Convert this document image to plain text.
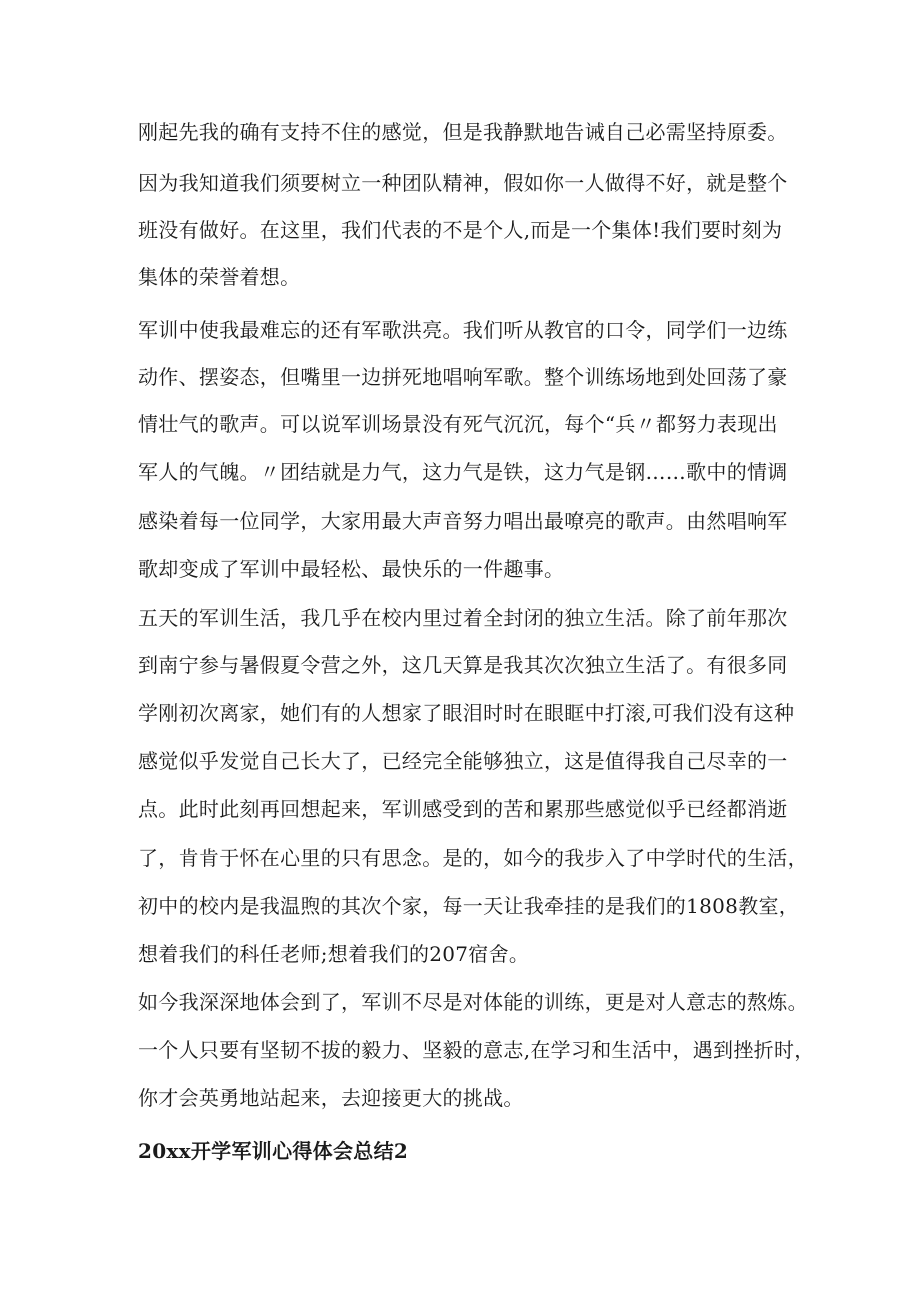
刚起先我的确有支持不住的感觉，但是我静默地告诫自己必需坚持原委。
因为我知道我们须要树立一种团队精神，假如你一人做得不好，就是整个
班没有做好。在这里，我们代表的不是个人,而是一个集体!我们要时刻为
集体的荣誉着想。
军训中使我最难忘的还有军歌洪亮。我们听从教官的口令，同学们一边练
动作、摆姿态，但嘴里一边拼死地唱响军歌。整个训练场地到处回荡了豪
情壮气的歌声。可以说军训场景没有死气沉沉，每个“兵〃都努力表现出
军人的气魄。〃团结就是力气，这力气是铁，这力气是钢……歌中的情调
感染着每一位同学，大家用最大声音努力唱出最嘹亮的歌声。由然唱响军
歌却变成了军训中最轻松、最快乐的一件趣事。
五天的军训生活，我几乎在校内里过着全封闭的独立生活。除了前年那次
到南宁参与暑假夏令营之外，这几天算是我其次次独立生活了。有很多同
学刚初次离家，她们有的人想家了眼泪时时在眼眶中打滚,可我们没有这种
感觉似乎发觉自己长大了，已经完全能够独立，这是值得我自己尽幸的一
点。此时此刻再回想起来，军训感受到的苦和累那些感觉似乎已经都消逝
了，肯肯于怀在心里的只有思念。是的，如今的我步入了中学时代的生活，
初中的校内是我温煦的其次个家，每一天让我牵挂的是我们的1808教室，
想着我们的科任老师;想着我们的207宿舍。
如今我深深地体会到了，军训不尽是对体能的训练，更是对人意志的熬炼。
一个人只要有坚韧不拔的毅力、坚毅的意志,在学习和生活中，遇到挫折时，
你才会英勇地站起来，去迎接更大的挑战。
20xx开学军训心得体会总结2
